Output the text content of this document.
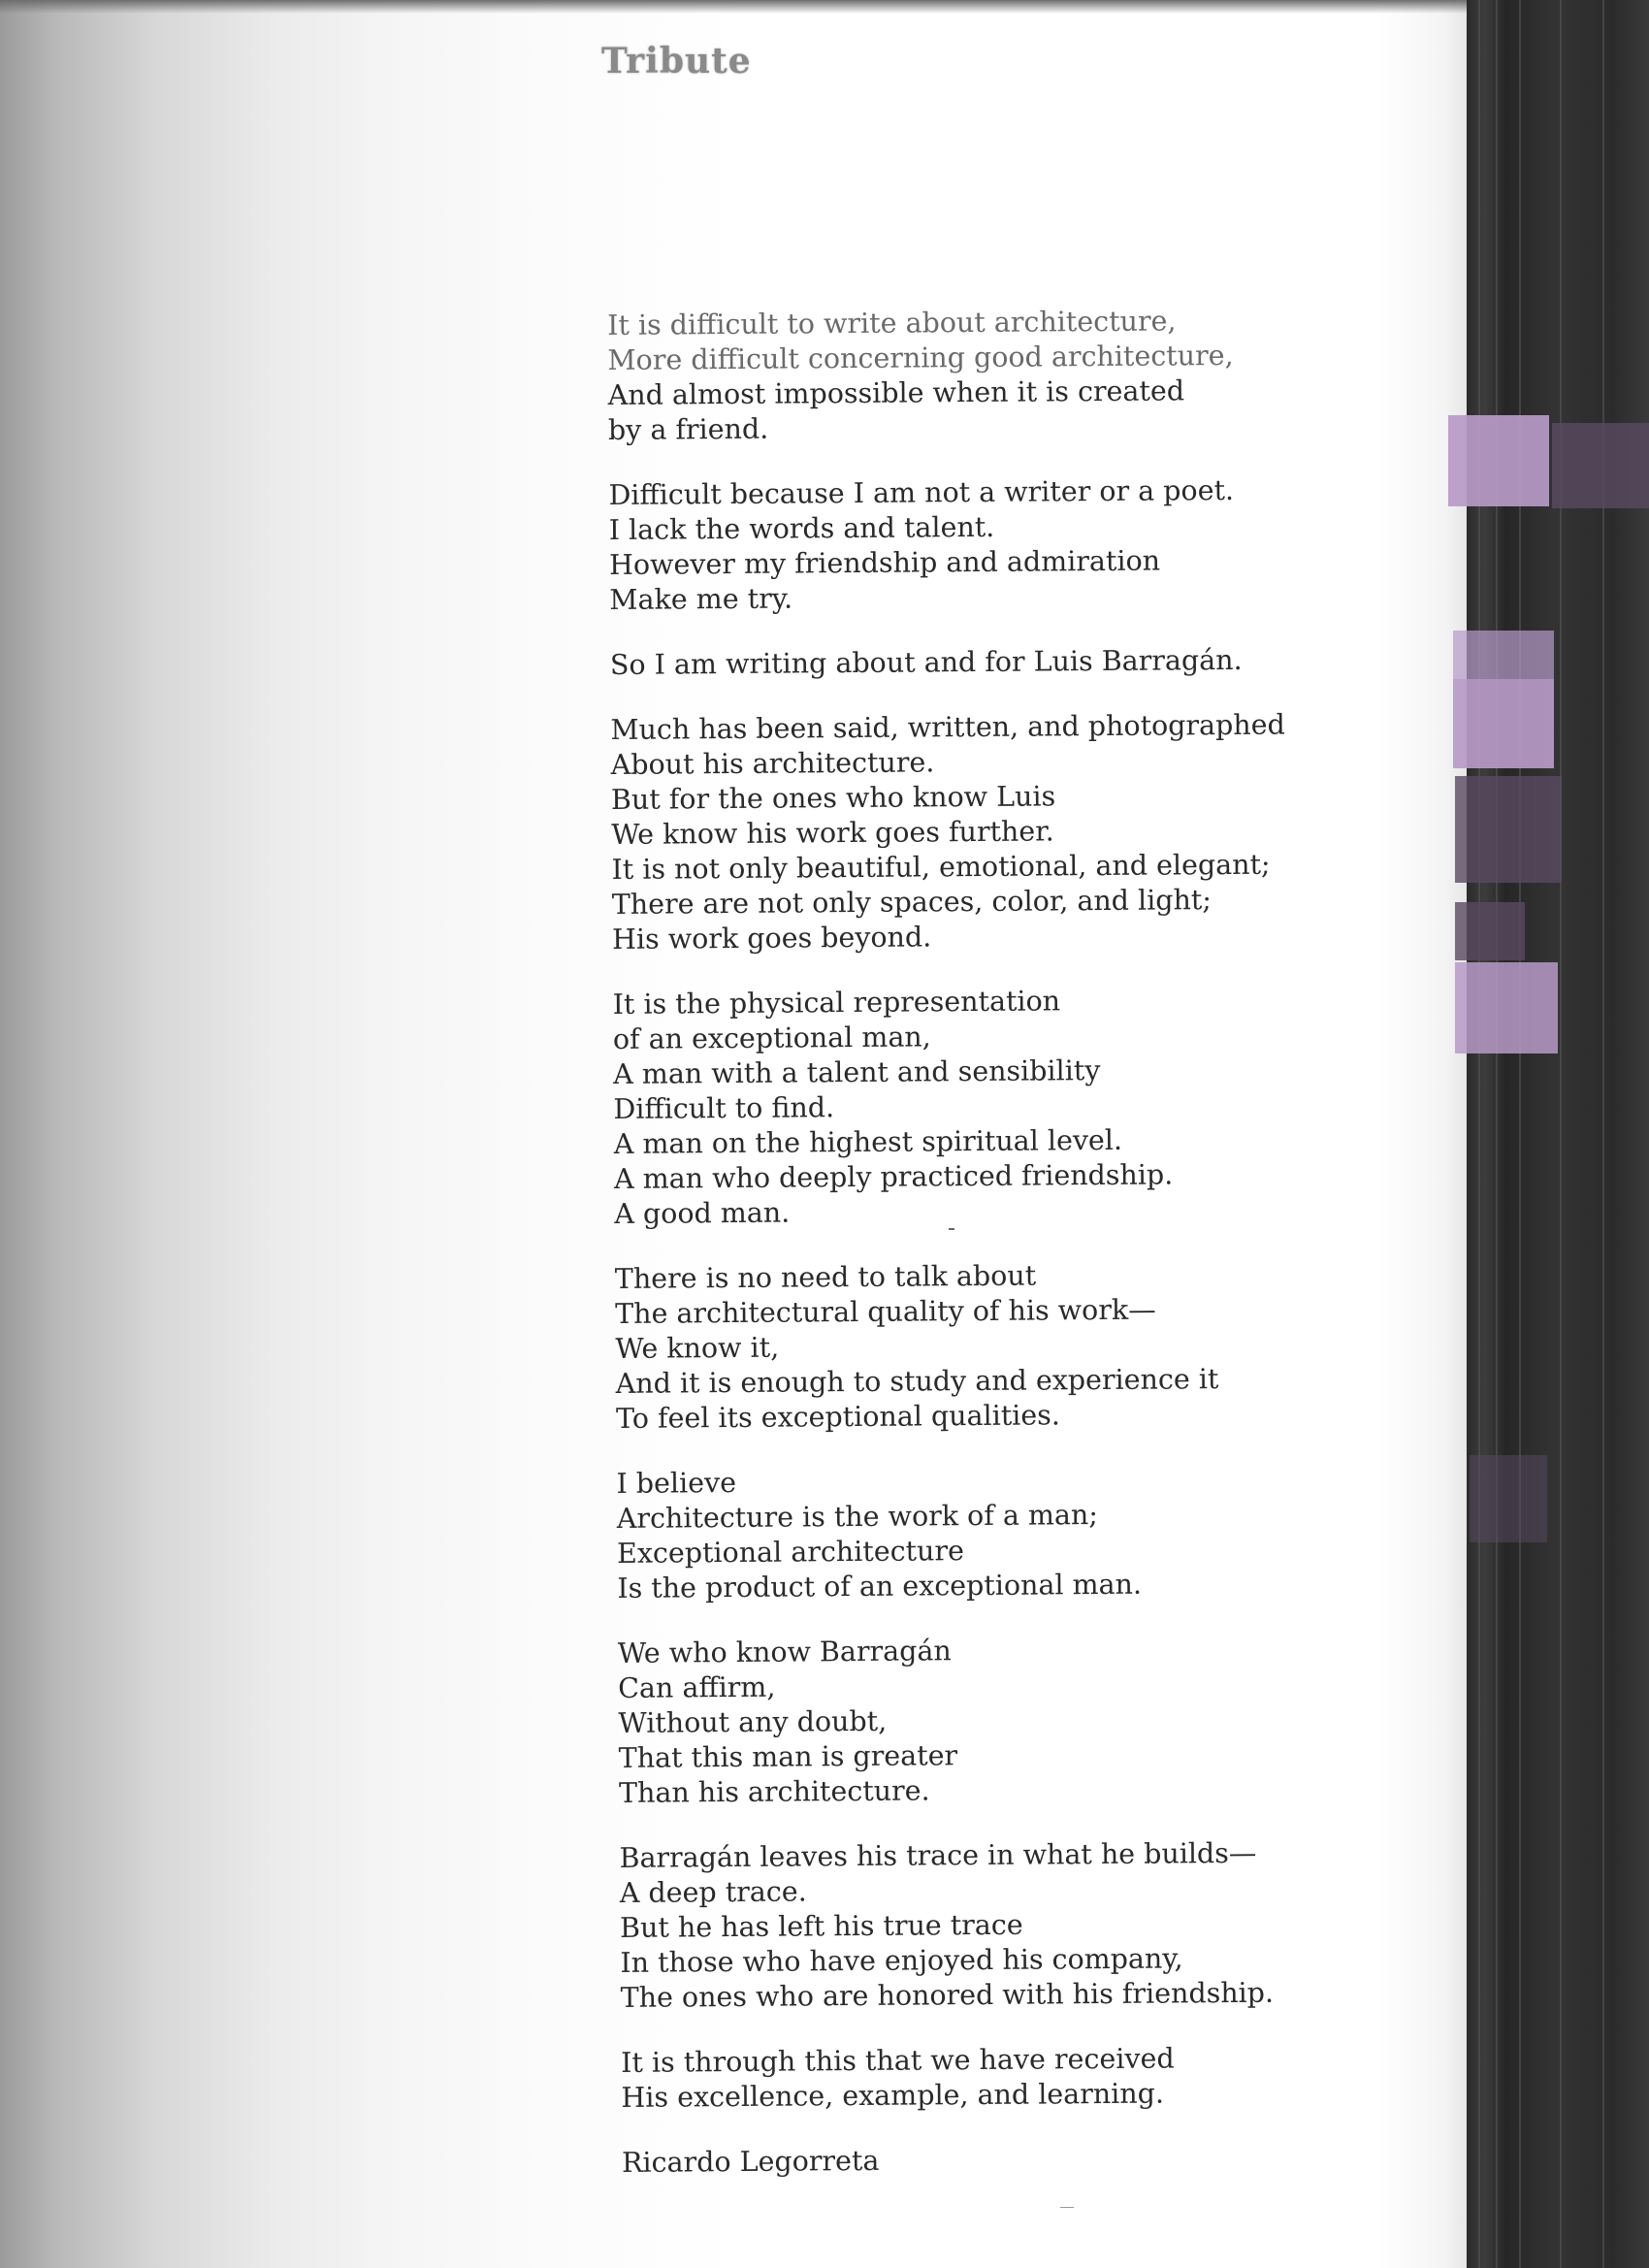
Tribute
It is difficult to write about architecture,
More difficult concerning good architecture,
And almost impossible when it is created
by a friend.
Difficult because I am not a writer or a poet.
I lack the words and talent.
However my friendship and admiration
Make me try.
So I am writing about and for Luis Barragán.
Much has been said, written, and photographed
About his architecture.
But for the ones who know Luis
We know his work goes further.
It is not only beautiful, emotional, and elegant;
There are not only spaces, color, and light;
His work goes beyond.
It is the physical representation
of an exceptional man,
A man with a talent and sensibility
Difficult to find.
A man on the highest spiritual level.
A man who deeply practiced friendship.
A good man.
There is no need to talk about
The architectural quality of his work—
We know it,
And it is enough to study and experience it
To feel its exceptional qualities.
I believe
Architecture is the work of a man;
Exceptional architecture
Is the product of an exceptional man.
We who know Barragán
Can affirm,
Without any doubt,
That this man is greater
Than his architecture.
Barragán leaves his trace in what he builds—
A deep trace.
But he has left his true trace
In those who have enjoyed his company,
The ones who are honored with his friendship.
It is through this that we have received
His excellence, example, and learning.
Ricardo Legorreta
